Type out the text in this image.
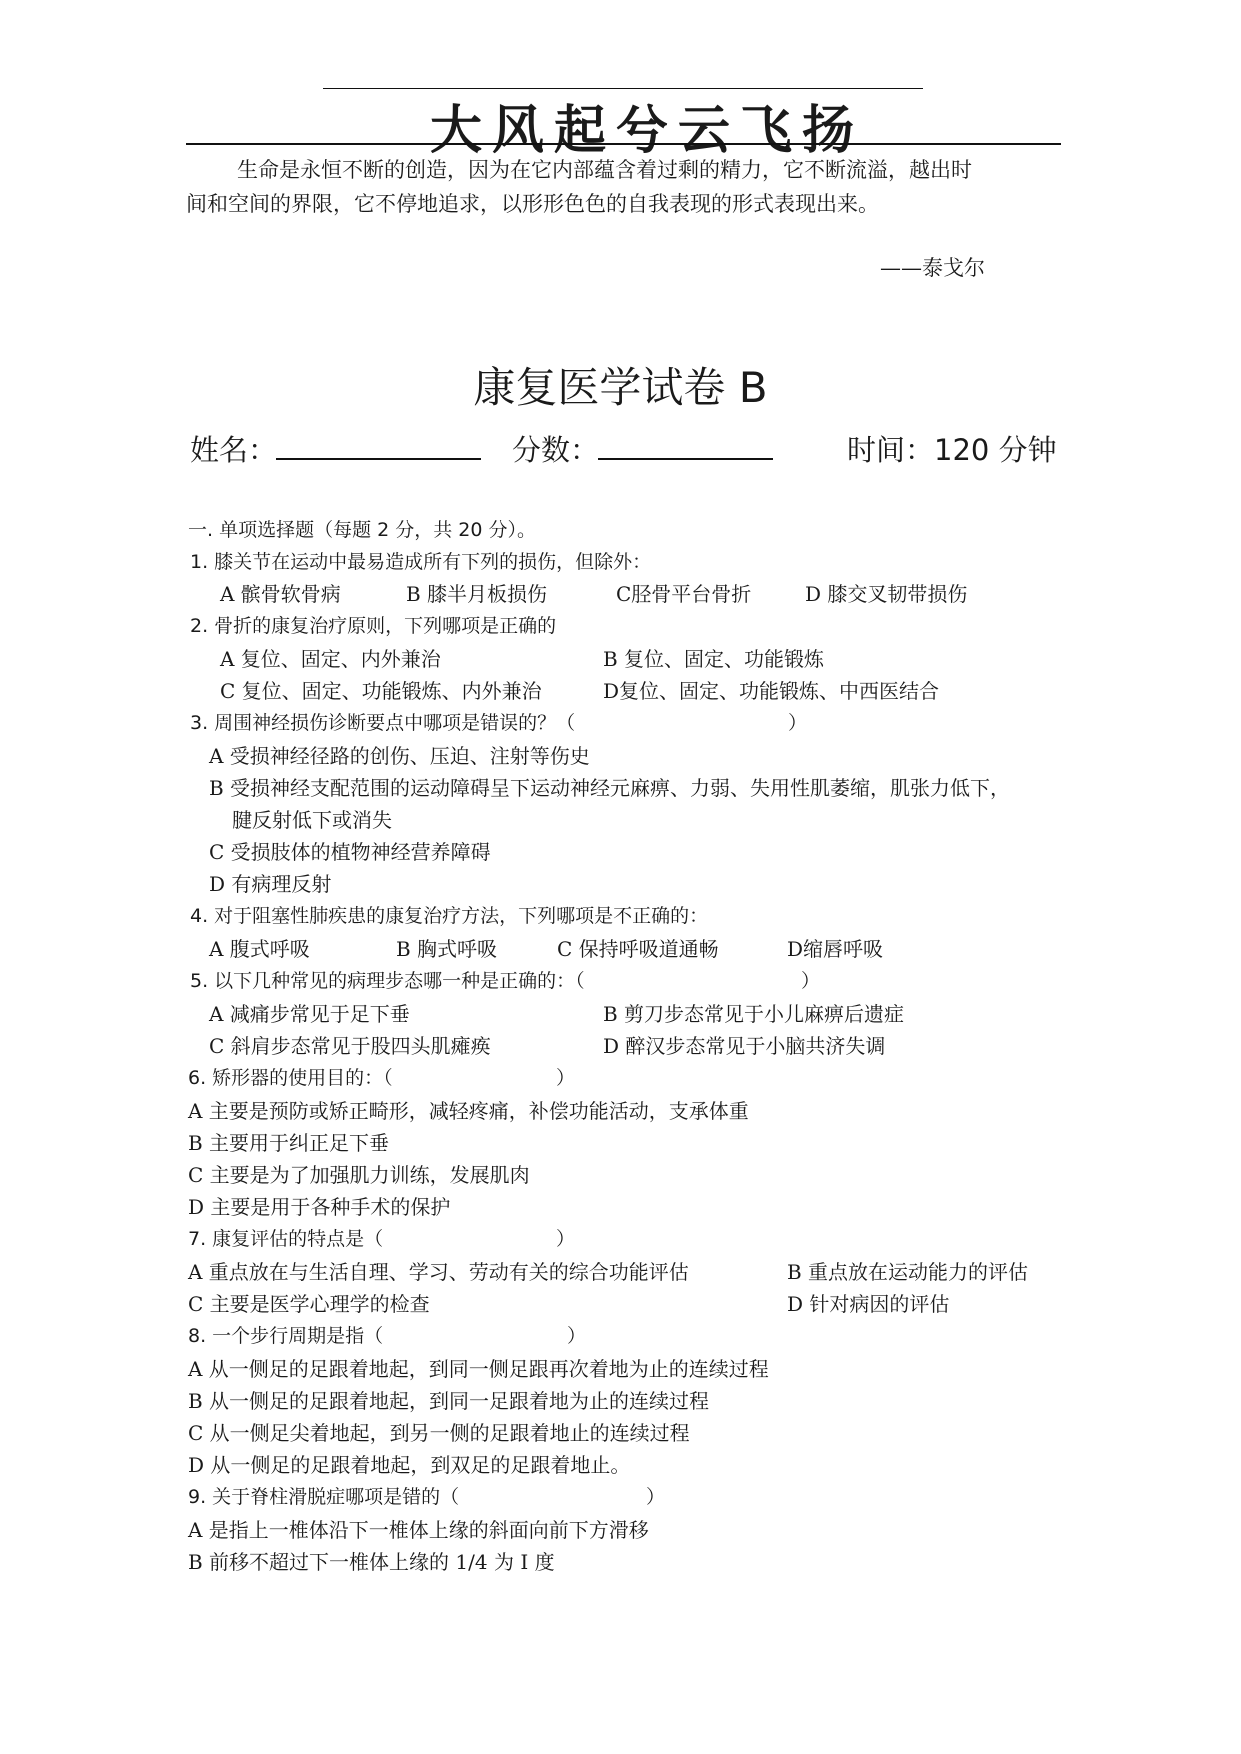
大风起兮云飞扬
生命是永恒不断的创造，因为在它内部蕴含着过剩的精力，它不断流溢，越出时
间和空间的界限，它不停地追求，以形形色色的自我表现的形式表现出来。
——泰戈尔
康复医学试卷 B
姓名：	分数：	时间：120 分钟
一. 单项选择题（每题 2 分，共 20 分）。
1. 膝关节在运动中最易造成所有下列的损伤，但除外：
A 髌骨软骨病	B 膝半月板损伤	C胫骨平台骨折	D 膝交叉韧带损伤
2. 骨折的康复治疗原则，下列哪项是正确的
A 复位、固定、内外兼治	B 复位、固定、功能锻炼
C 复位、固定、功能锻炼、内外兼治	D复位、固定、功能锻炼、中西医结合
3. 周围神经损伤诊断要点中哪项是错误的？（	）
A 受损神经径路的创伤、压迫、注射等伤史
B 受损神经支配范围的运动障碍呈下运动神经元麻痹、力弱、失用性肌萎缩，肌张力低下，
腱反射低下或消失
C 受损肢体的植物神经营养障碍
D 有病理反射
4. 对于阻塞性肺疾患的康复治疗方法，下列哪项是不正确的：
A 腹式呼吸	B 胸式呼吸	C 保持呼吸道通畅	D缩唇呼吸
5. 以下几种常见的病理步态哪一种是正确的：（	）
A 减痛步常见于足下垂	B 剪刀步态常见于小儿麻痹后遗症
C 斜肩步态常见于股四头肌瘫痪	D 醉汉步态常见于小脑共济失调
6. 矫形器的使用目的：（	）
A 主要是预防或矫正畸形，减轻疼痛，补偿功能活动，支承体重
B 主要用于纠正足下垂
C 主要是为了加强肌力训练，发展肌肉
D 主要是用于各种手术的保护
7. 康复评估的特点是（	）
A 重点放在与生活自理、学习、劳动有关的综合功能评估	B 重点放在运动能力的评估
C 主要是医学心理学的检查	D 针对病因的评估
8. 一个步行周期是指（	）
A 从一侧足的足跟着地起，到同一侧足跟再次着地为止的连续过程
B 从一侧足的足跟着地起，到同一足跟着地为止的连续过程
C 从一侧足尖着地起，到另一侧的足跟着地止的连续过程
D 从一侧足的足跟着地起，到双足的足跟着地止。
9. 关于脊柱滑脱症哪项是错的（	）
A 是指上一椎体沿下一椎体上缘的斜面向前下方滑移
B 前移不超过下一椎体上缘的 1/4 为 I 度
